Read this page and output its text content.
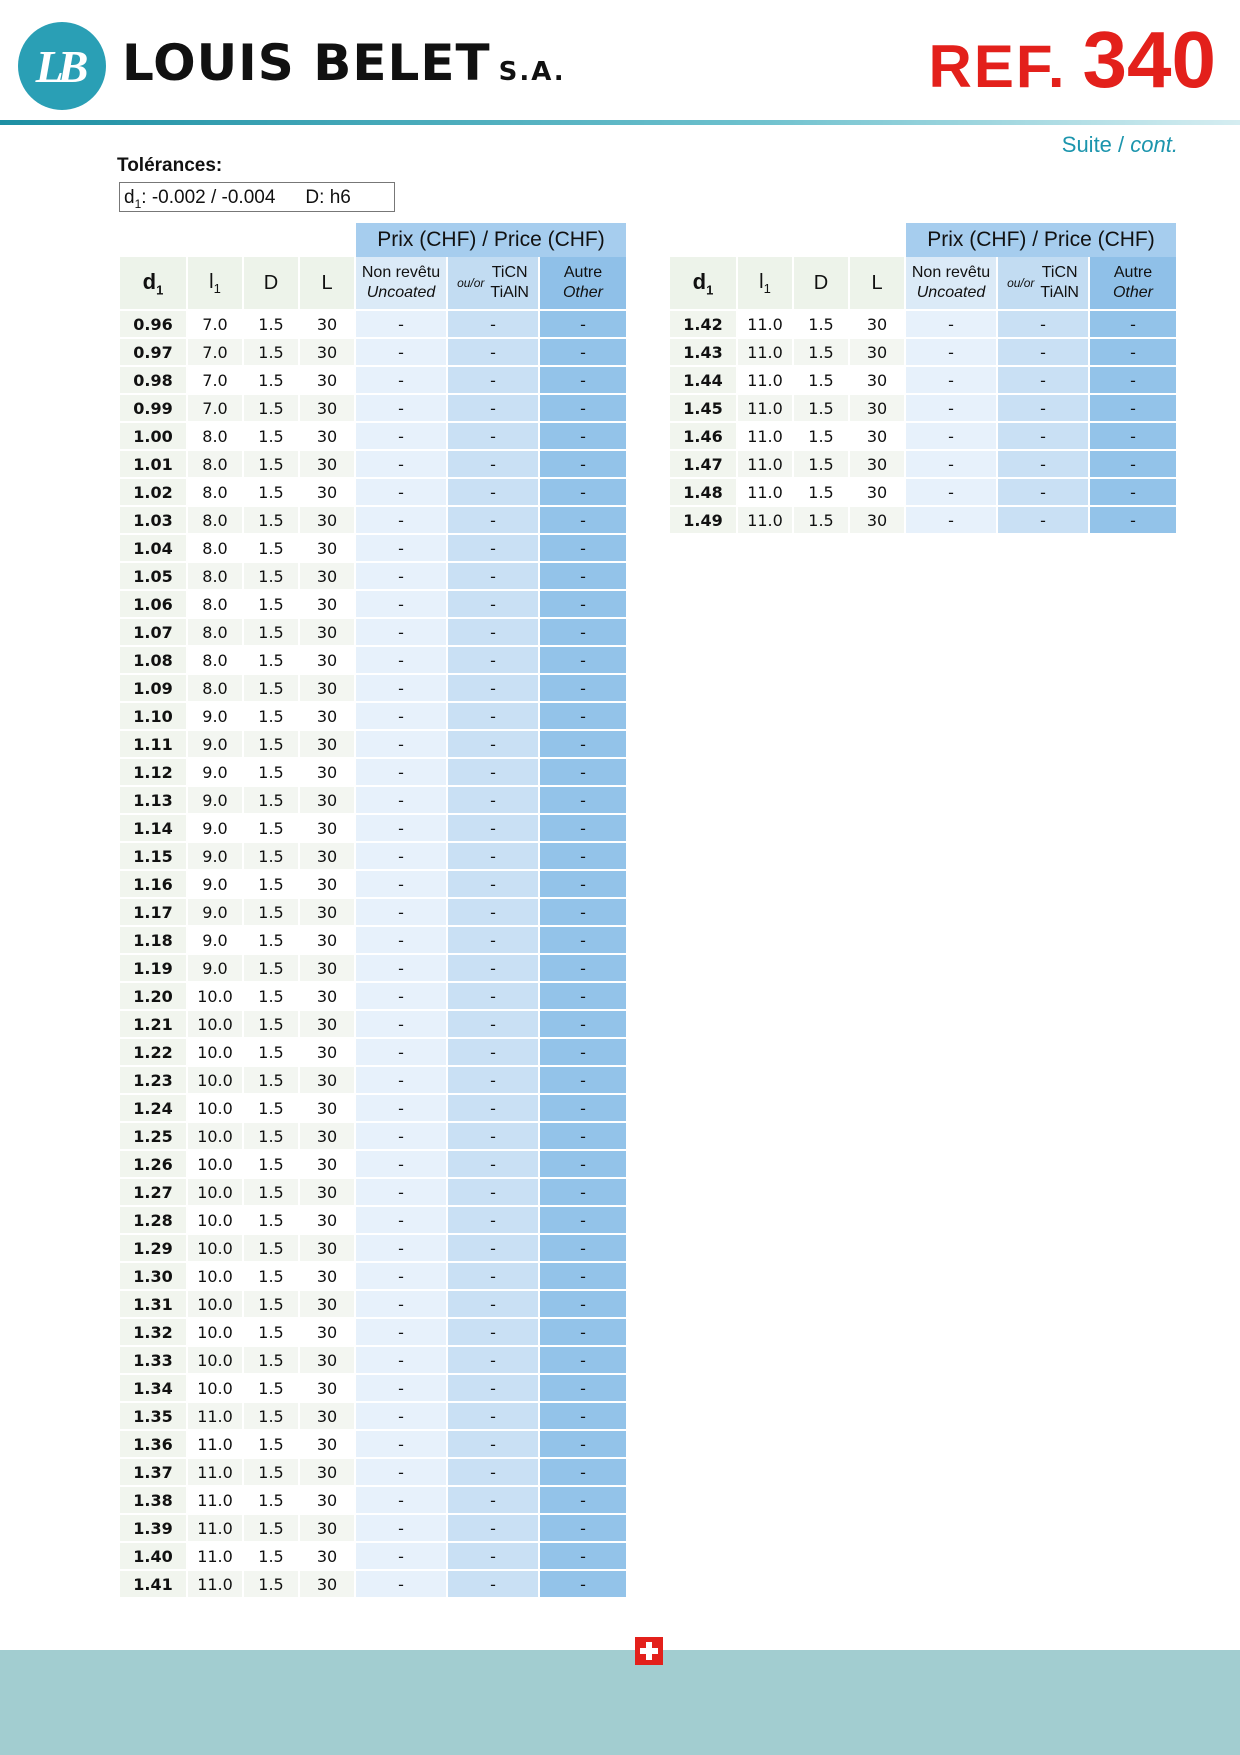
LB LOUIS BELET S.A.	REF. 340
Suite / cont.
Tolérances:
$d_1$: -0.002 / -0.004 D: h6
				Prix (CHF) / Price (CHF)		
$d_1$	$l_1$	D	L	Non revêtu
Uncoated	ou/orTiCN
TiAlN	Autre
Other
0.96	7.0	1.5	30	-	-	-
0.97	7.0	1.5	30	-	-	-
0.98	7.0	1.5	30	-	-	-
0.99	7.0	1.5	30	-	-	-
1.00	8.0	1.5	30	-	-	-
1.01	8.0	1.5	30	-	-	-
1.02	8.0	1.5	30	-	-	-
1.03	8.0	1.5	30	-	-	-
1.04	8.0	1.5	30	-	-	-
1.05	8.0	1.5	30	-	-	-
1.06	8.0	1.5	30	-	-	-
1.07	8.0	1.5	30	-	-	-
1.08	8.0	1.5	30	-	-	-
1.09	8.0	1.5	30	-	-	-
1.10	9.0	1.5	30	-	-	-
1.11	9.0	1.5	30	-	-	-
1.12	9.0	1.5	30	-	-	-
1.13	9.0	1.5	30	-	-	-
1.14	9.0	1.5	30	-	-	-
1.15	9.0	1.5	30	-	-	-
1.16	9.0	1.5	30	-	-	-
1.17	9.0	1.5	30	-	-	-
1.18	9.0	1.5	30	-	-	-
1.19	9.0	1.5	30	-	-	-
1.20	10.0	1.5	30	-	-	-
1.21	10.0	1.5	30	-	-	-
1.22	10.0	1.5	30	-	-	-
1.23	10.0	1.5	30	-	-	-
1.24	10.0	1.5	30	-	-	-
1.25	10.0	1.5	30	-	-	-
1.26	10.0	1.5	30	-	-	-
1.27	10.0	1.5	30	-	-	-
1.28	10.0	1.5	30	-	-	-
1.29	10.0	1.5	30	-	-	-
1.30	10.0	1.5	30	-	-	-
1.31	10.0	1.5	30	-	-	-
1.32	10.0	1.5	30	-	-	-
1.33	10.0	1.5	30	-	-	-
1.34	10.0	1.5	30	-	-	-
1.35	11.0	1.5	30	-	-	-
1.36	11.0	1.5	30	-	-	-
1.37	11.0	1.5	30	-	-	-
1.38	11.0	1.5	30	-	-	-
1.39	11.0	1.5	30	-	-	-
1.40	11.0	1.5	30	-	-	-
1.41	11.0	1.5	30	-	-	-
				Prix (CHF) / Price (CHF)		
$d_1$	$l_1$	D	L	Non revêtu
Uncoated	ou/orTiCN
TiAlN	Autre
Other
1.42	11.0	1.5	30	-	-	-
1.43	11.0	1.5	30	-	-	-
1.44	11.0	1.5	30	-	-	-
1.45	11.0	1.5	30	-	-	-
1.46	11.0	1.5	30	-	-	-
1.47	11.0	1.5	30	-	-	-
1.48	11.0	1.5	30	-	-	-
1.49	11.0	1.5	30	-	-	-
